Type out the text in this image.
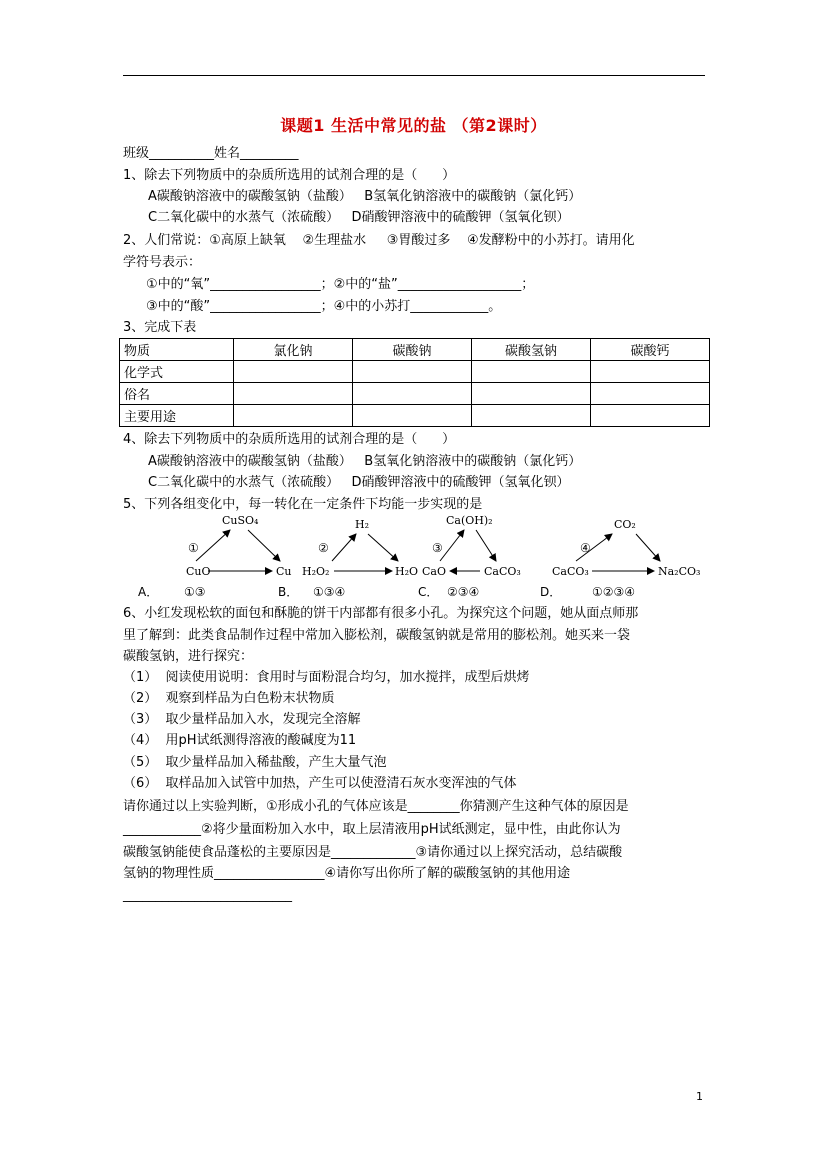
课题1 生活中常见的盐 （第2课时）
班级__________姓名_________
1、除去下列物质中的杂质所选用的试剂合理的是（      ）
A碳酸钠溶液中的碳酸氢钠（盐酸）   B氢氧化钠溶液中的碳酸钠（氯化钙）
C二氧化碳中的水蒸气（浓硫酸）   D硝酸钾溶液中的硫酸钾（氢氧化钡）
2、人们常说：①高原上缺氧    ②生理盐水     ③胃酸过多    ④发酵粉中的小苏打。请用化
学符号表示：
①中的“氧”_________________；②中的“盐”___________________；
③中的“酸”_________________；④中的小苏打____________。
3、完成下表
物质	氯化钠	碳酸钠	碳酸氢钠	碳酸钙
化学式				
俗名				
主要用途				
4、除去下列物质中的杂质所选用的试剂合理的是（      ）
A碳酸钠溶液中的碳酸氢钠（盐酸）   B氢氧化钠溶液中的碳酸钠（氯化钙）
C二氧化碳中的水蒸气（浓硫酸）   D硝酸钾溶液中的硫酸钾（氢氧化钡）
5、下列各组变化中，每一转化在一定条件下均能一步实现的是
CuSO₄
CuO	Cu
①
A． ①③
H₂
H₂O₂	H₂O
②
B． ①③④
Ca(OH)₂
CaO	CaCO₃
③
C． ②③④
CO₂
CaCO₃	Na₂CO₃
④
D．	①②③④
6、小红发现松软的面包和酥脆的饼干内部都有很多小孔。为探究这个问题，她从面点师那
里了解到：此类食品制作过程中常加入膨松剂，碳酸氢钠就是常用的膨松剂。她买来一袋
碳酸氢钠，进行探究：
（1）  阅读使用说明：食用时与面粉混合均匀，加水搅拌，成型后烘烤
（2）  观察到样品为白色粉末状物质
（3）  取少量样品加入水，发现完全溶解
（4）  用pH试纸测得溶液的酸碱度为11
（5）  取少量样品加入稀盐酸，产生大量气泡
（6）  取样品加入试管中加热，产生可以使澄清石灰水变浑浊的气体
请你通过以上实验判断，①形成小孔的气体应该是________你猜测产生这种气体的原因是
____________②将少量面粉加入水中，取上层清液用pH试纸测定，显中性，由此你认为
碳酸氢钠能使食品蓬松的主要原因是_____________③请你通过以上探究活动，总结碳酸
氢钠的物理性质_________________④请你写出你所了解的碳酸氢钠的其他用途
__________________________
1
